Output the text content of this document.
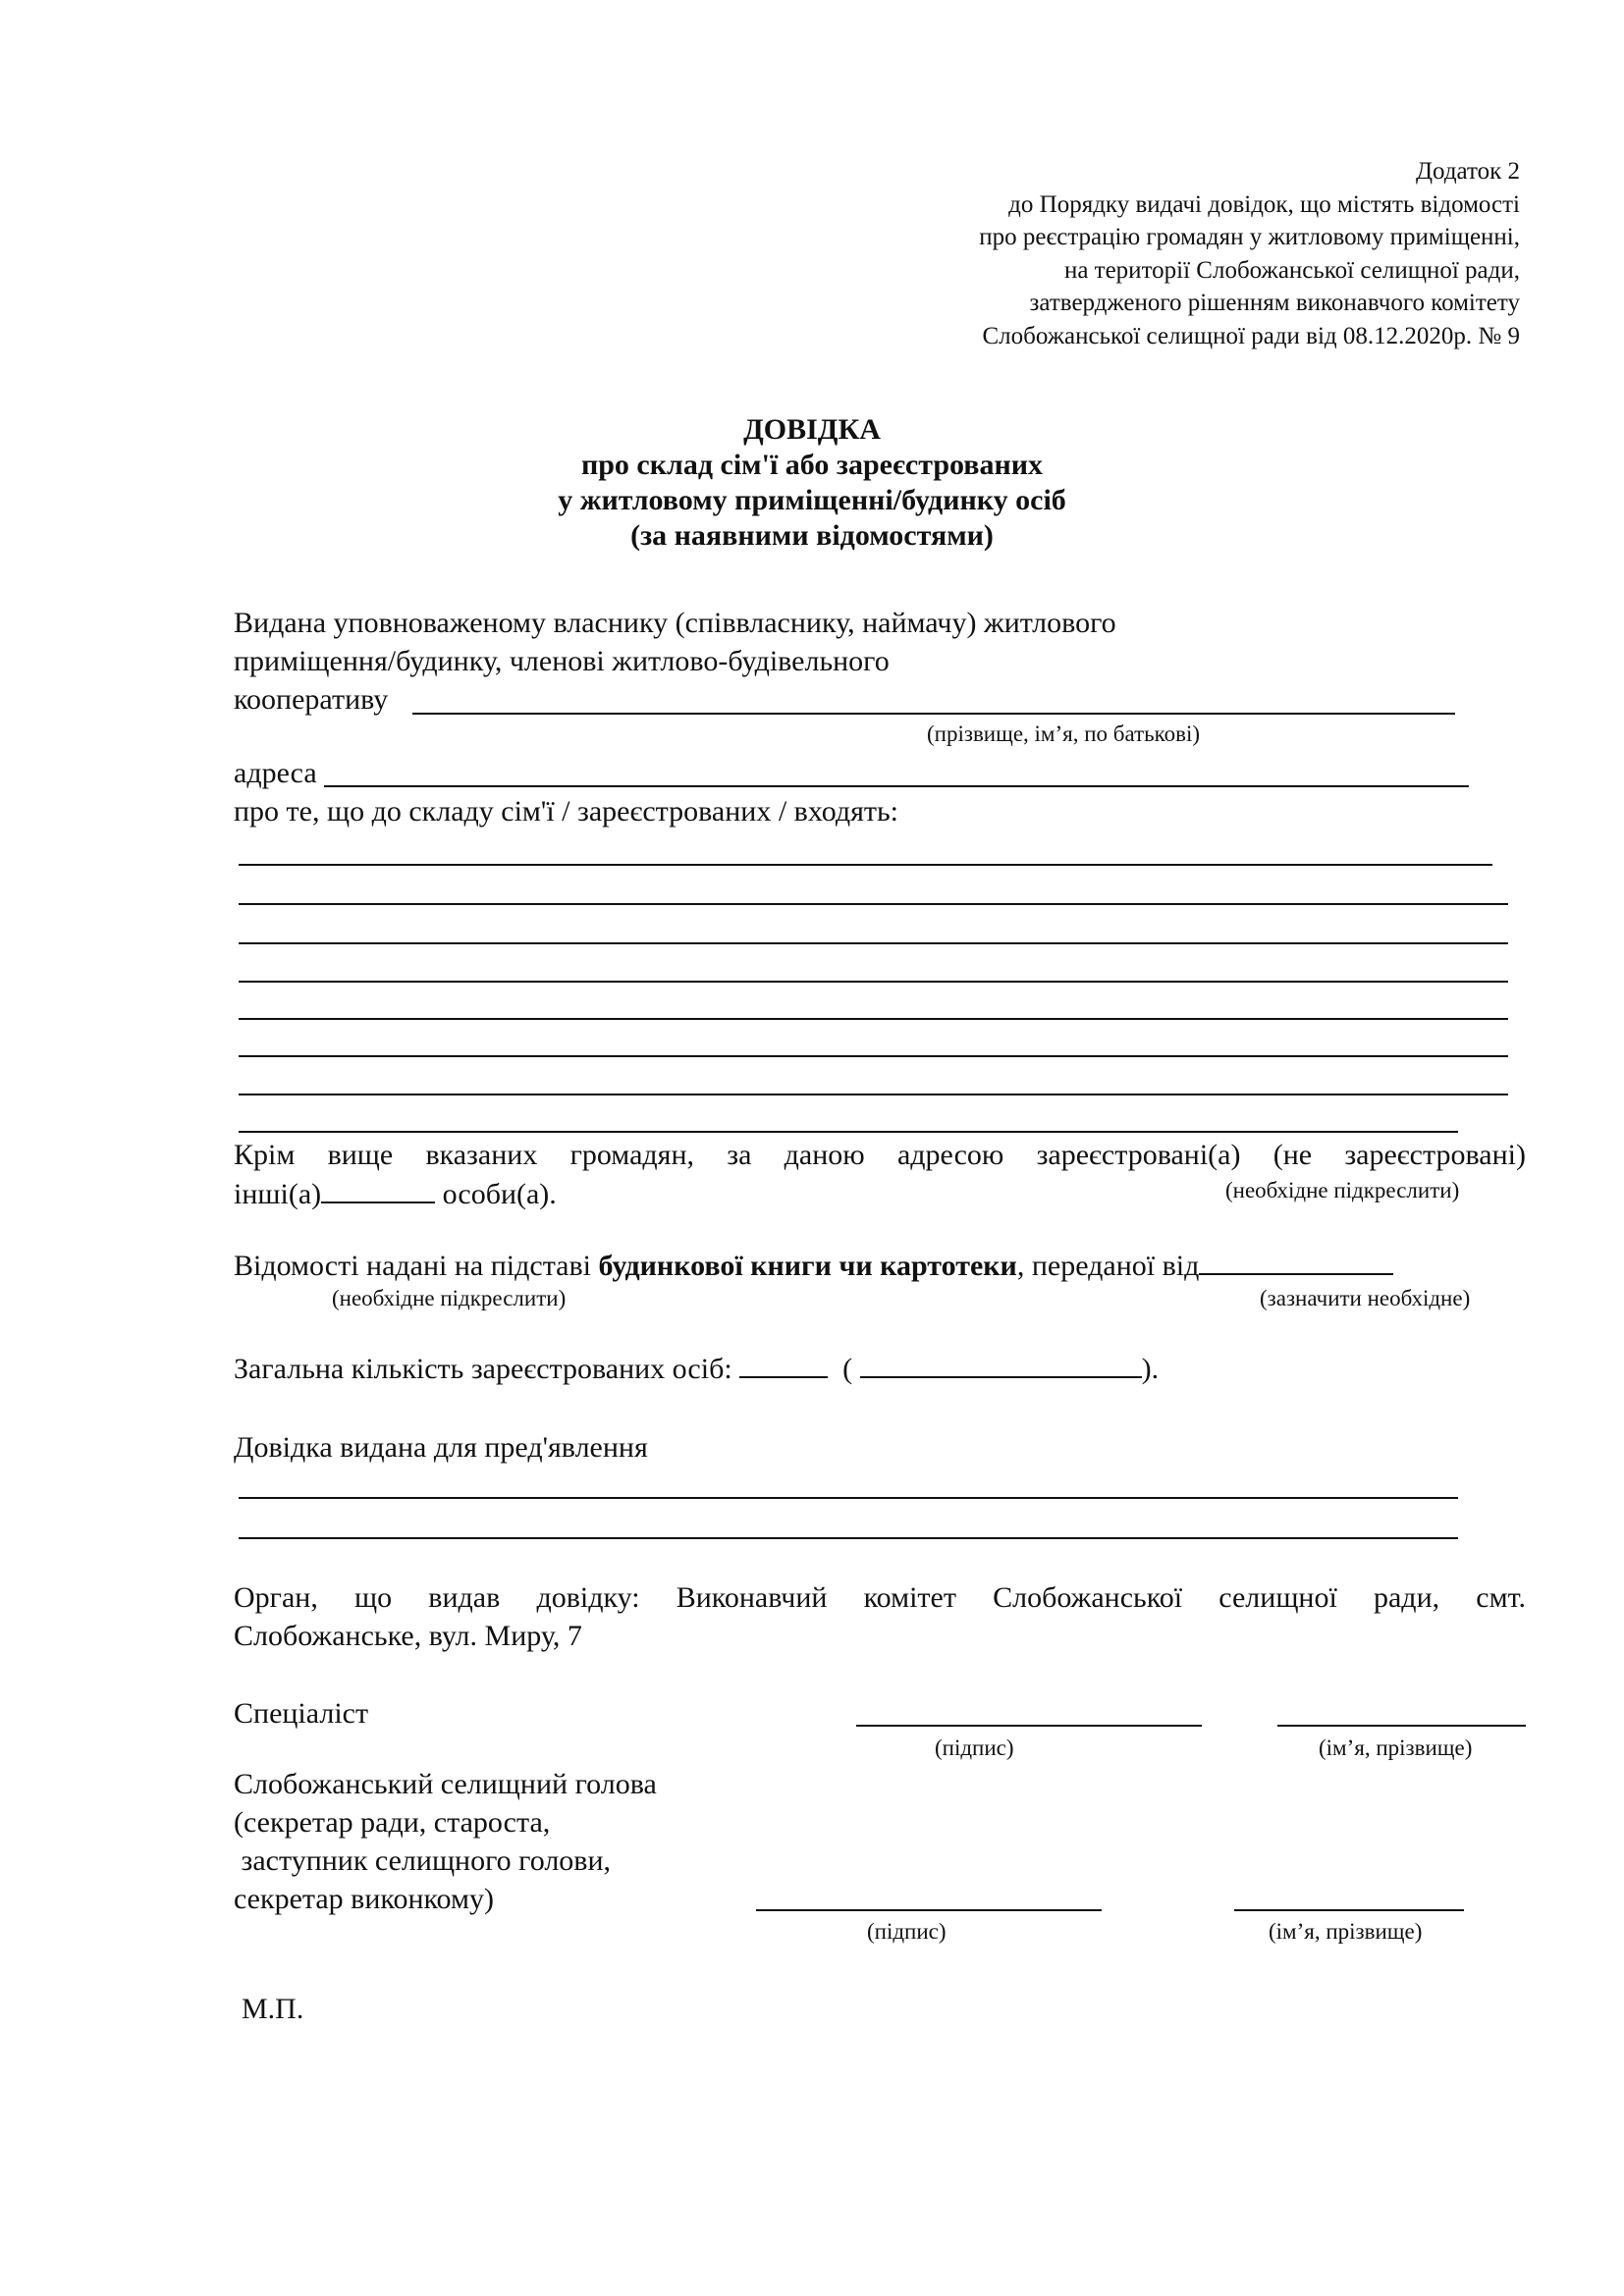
Додаток 2
до Порядку видачі довідок, що містять відомості
про реєстрацію громадян у житловому приміщенні,
на території Слобожанської селищної ради,
затвердженого рішенням виконавчого комітету
Слобожанської селищної ради від 08.12.2020р. № 9
ДОВІДКА
про склад сім'ї або зареєстрованих
у житловому приміщенні/будинку осіб
(за наявними відомостями)
Видана уповноваженому власнику (співвласнику, наймачу) житлового
приміщення/будинку, членові житлово-будівельного
кооперативу
(прізвище, ім’я, по батькові)
адреса
про те, що до складу сім'ї / зареєстрованих / входять:
Крім вище вказаних громадян, за даною адресою зареєстровані(а) (не зареєстровані)
інші(а)	особи(а).	(необхідне підкреслити)
Відомості надані на підставі будинкової книги чи картотеки, переданої від
(необхідне підкреслити)	(зазначити необхідне)
Загальна кількість зареєстрованих осіб:	(	).
Довідка видана для пред'явлення
Орган, що видав довідку: Виконавчий комітет Слобожанської селищної ради, смт.
Слобожанське, вул. Миру, 7
Спеціаліст
(підпис)	(ім’я, прізвище)
Слобожанський селищний голова
(секретар ради, староста,
заступник селищного голови,
секретар виконкому)
(підпис)	(ім’я, прізвище)
М.П.
